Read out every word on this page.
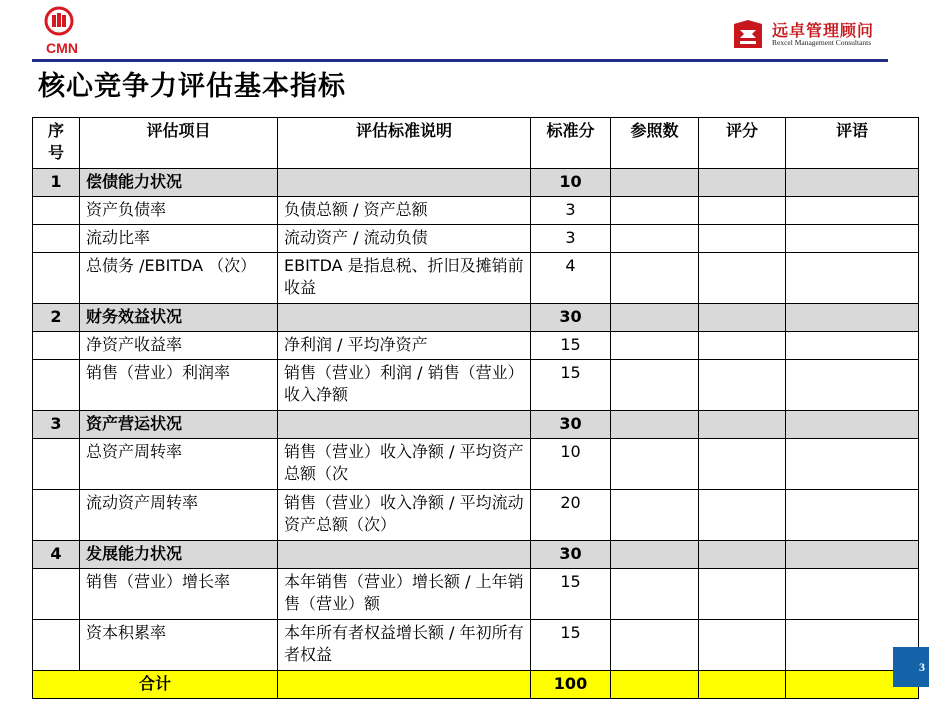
CMN
远卓管理顾问
Rexcel Management Consultants
核心竞争力评估基本指标
序号	评估项目	评估标准说明	标准分	参照数	评分	评语
1	偿债能力状况		10			
	资产负债率	负债总额 / 资产总额	3			
	流动比率	流动资产 / 流动负债	3			
	总债务 /EBITDA （次）	EBITDA 是指息税、折旧及摊销前收益	4			
2	财务效益状况		30			
	净资产收益率	净利润 / 平均净资产	15			
	销售（营业）利润率	销售（营业）利润 / 销售（营业）收入净额	15			
3	资产营运状况		30			
	总资产周转率	销售（营业）收入净额 / 平均资产总额（次	10			
	流动资产周转率	销售（营业）收入净额 / 平均流动资产总额（次）	20			
4	发展能力状况		30			
	销售（营业）增长率	本年销售（营业）增长额 / 上年销售（营业）额	15			
	资本积累率	本年所有者权益增长额 / 年初所有者权益	15			
合计			100			
3
